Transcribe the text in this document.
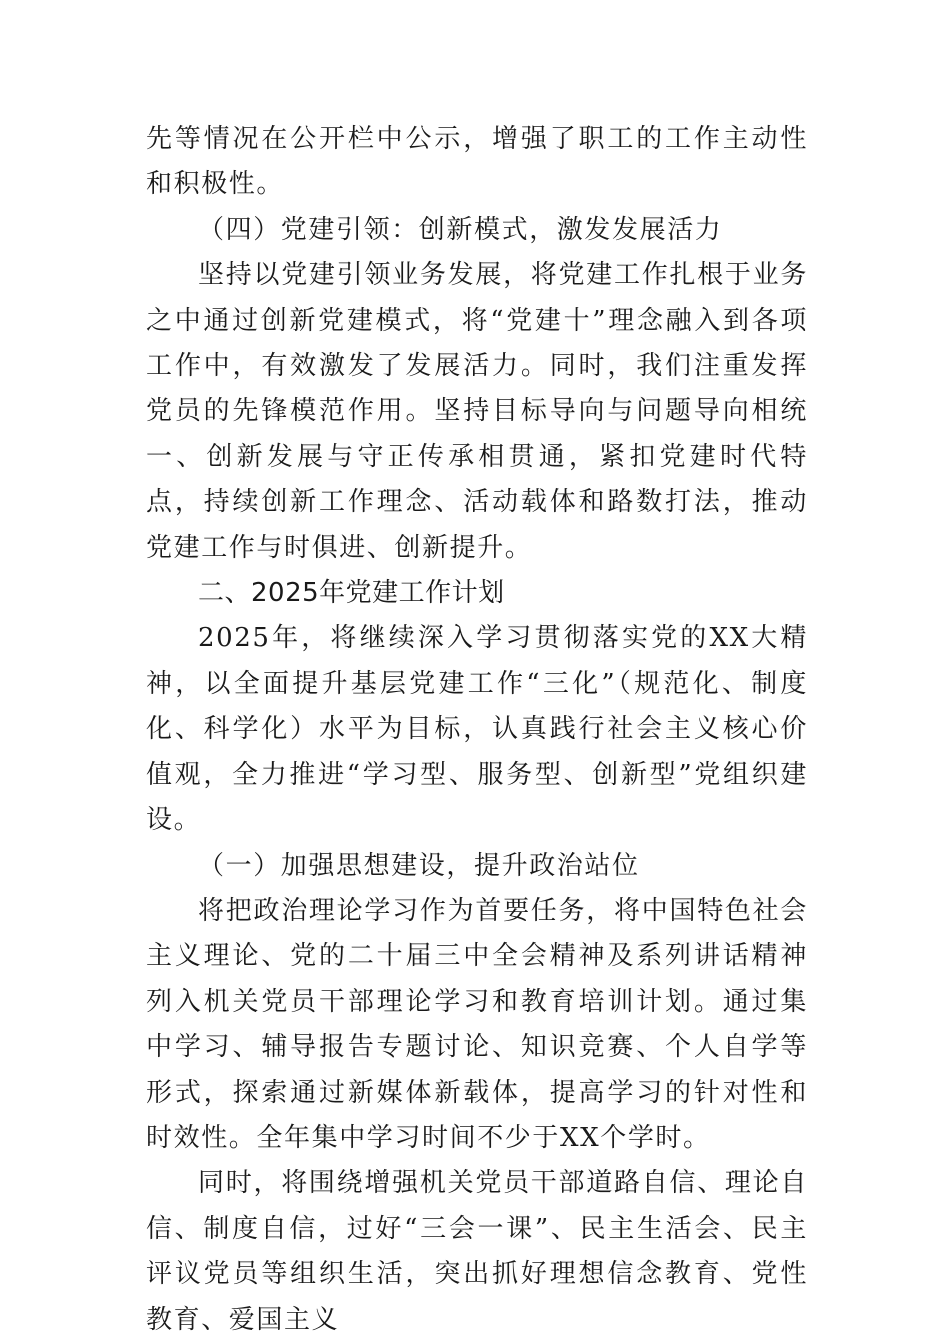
先等情况在公开栏中公示，增强了职工的工作主动性和积极性。

（四）党建引领：创新模式，激发发展活力

坚持以党建引领业务发展，将党建工作扎根于业务之中通过创新党建模式，将“党建十”理念融入到各项工作中，有效激发了发展活力。同时，我们注重发挥党员的先锋模范作用。坚持目标导向与问题导向相统一、创新发展与守正传承相贯通，紧扣党建时代特点，持续创新工作理念、活动载体和路数打法，推动党建工作与时俱进、创新提升。

二、2025年党建工作计划

2025年，将继续深入学习贯彻落实党的XX大精神，以全面提升基层党建工作“三化”（规范化、制度化、科学化）水平为目标，认真践行社会主义核心价值观，全力推进“学习型、服务型、创新型”党组织建设。

（一）加强思想建设，提升政治站位

将把政治理论学习作为首要任务，将中国特色社会主义理论、党的二十届三中全会精神及系列讲话精神列入机关党员干部理论学习和教育培训计划。通过集中学习、辅导报告专题讨论、知识竞赛、个人自学等形式，探索通过新媒体新载体，提高学习的针对性和时效性。全年集中学习时间不少于XX个学时。

同时，将围绕增强机关党员干部道路自信、理论自信、制度自信，过好“三会一课”、民主生活会、民主评议党员等组织生活，突出抓好理想信念教育、党性教育、爱国主义
